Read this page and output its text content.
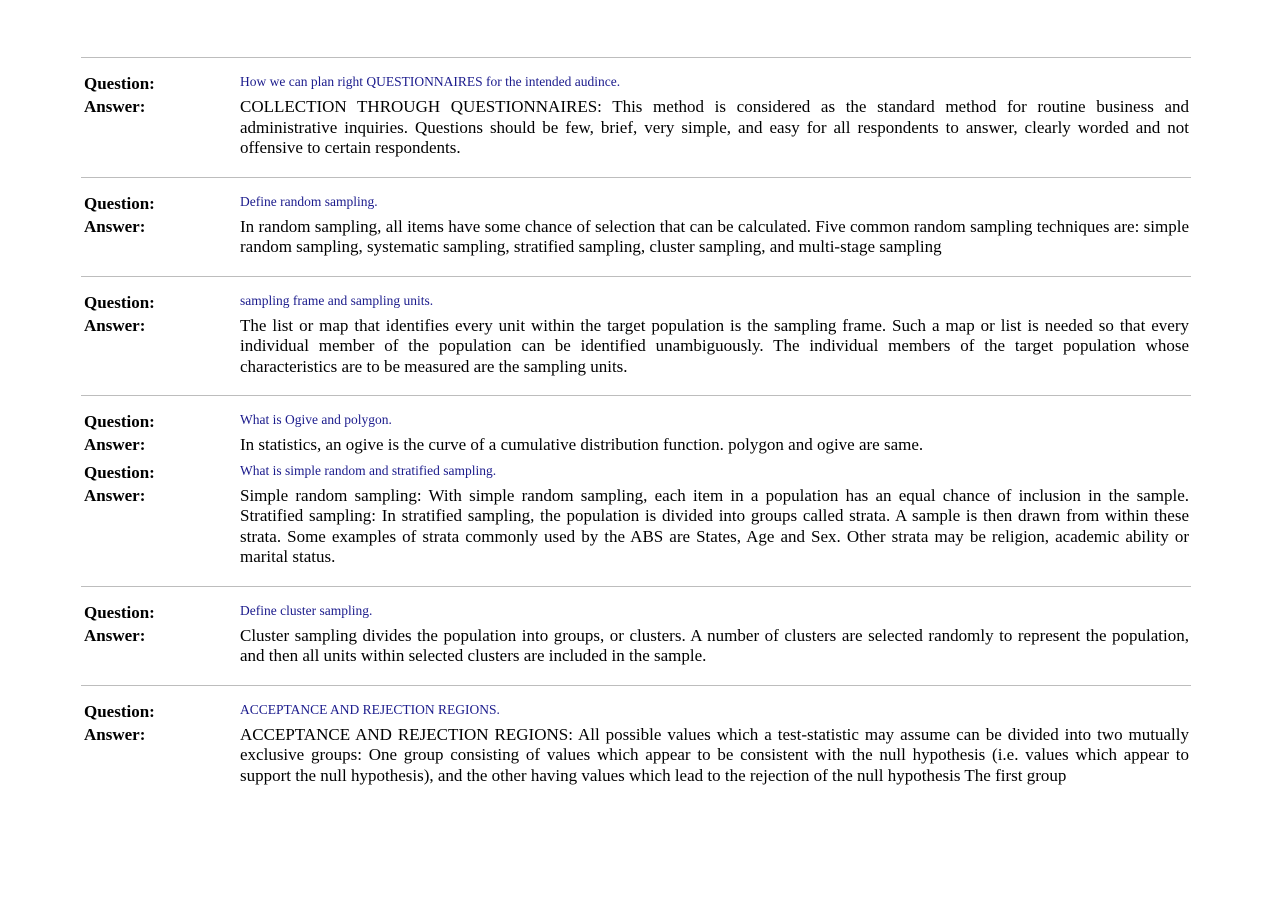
Question:	How we can plan right QUESTIONNAIRES for the intended audince.
Answer:	COLLECTION THROUGH QUESTIONNAIRES: This method is considered as the standard method for routine business and administrative inquiries. Questions should be few, brief, very simple, and easy for all respondents to answer, clearly worded and not offensive to certain respondents.
Question:	Define random sampling.
Answer:	In random sampling, all items have some chance of selection that can be calculated. Five common random sampling techniques are: simple random sampling, systematic sampling, stratified sampling, cluster sampling, and multi-stage sampling
Question:	sampling frame and sampling units.
Answer:	The list or map that identifies every unit within the target population is the sampling frame. Such a map or list is needed so that every individual member of the population can be identified unambiguously. The individual members of the target population whose characteristics are to be measured are the sampling units.
Question:	What is Ogive and polygon.
Answer:	In statistics, an ogive is the curve of a cumulative distribution function. polygon and ogive are same.
Question:	What is simple random and stratified sampling.
Answer:	Simple random sampling: With simple random sampling, each item in a population has an equal chance of inclusion in the sample. Stratified sampling: In stratified sampling, the population is divided into groups called strata. A sample is then drawn from within these strata. Some examples of strata commonly used by the ABS are States, Age and Sex. Other strata may be religion, academic ability or marital status.
Question:	Define cluster sampling.
Answer:	Cluster sampling divides the population into groups, or clusters. A number of clusters are selected randomly to represent the population, and then all units within selected clusters are included in the sample.
Question:	ACCEPTANCE AND REJECTION REGIONS.
Answer:	ACCEPTANCE AND REJECTION REGIONS: All possible values which a test-statistic may assume can be divided into two mutually exclusive groups: One group consisting of values which appear to be consistent with the null hypothesis (i.e. values which appear to support the null hypothesis), and the other having values which lead to the rejection of the null hypothesis The first group
